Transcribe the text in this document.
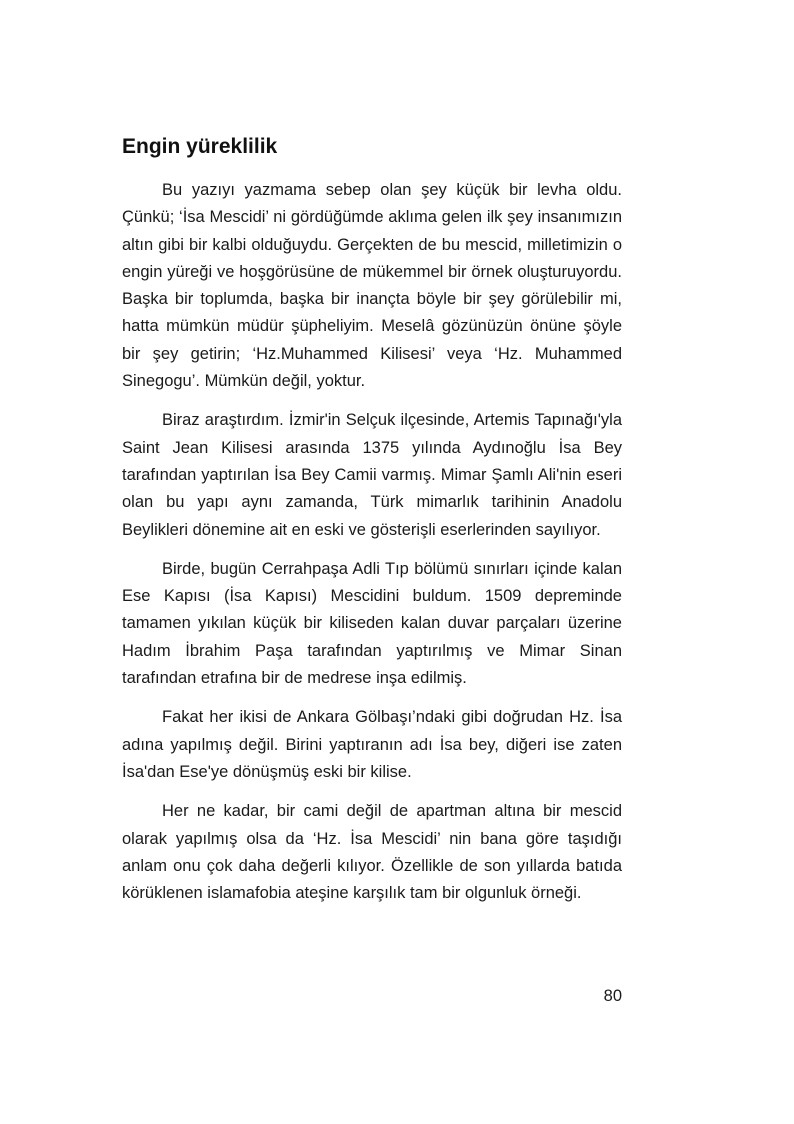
Engin yüreklilik

Bu yazıyı yazmama sebep olan şey küçük bir levha oldu. Çünkü; ‘İsa Mescidi’ ni gördüğümde aklıma gelen ilk şey insanımızın altın gibi bir kalbi olduğuydu. Gerçekten de bu mescid, milletimizin o engin yüreği ve hoşgörüsüne de mükemmel bir örnek oluşturuyordu. Başka bir toplumda, başka bir inançta böyle bir şey görülebilir mi, hatta mümkün müdür şüpheliyim. Meselâ gözünüzün önüne şöyle bir şey getirin; ‘Hz.Muhammed Kilisesi’ veya ‘Hz. Muhammed Sinegogu’. Mümkün değil, yoktur.

Biraz araştırdım. İzmir'in Selçuk ilçesinde, Artemis Tapınağı'yla Saint Jean Kilisesi arasında 1375 yılında Aydınoğlu İsa Bey tarafından yaptırılan İsa Bey Camii varmış. Mimar Şamlı Ali'nin eseri olan bu yapı aynı zamanda, Türk mimarlık tarihinin Anadolu Beylikleri dönemine ait en eski ve gösterişli eserlerinden sayılıyor.

Birde, bugün Cerrahpaşa Adli Tıp bölümü sınırları içinde kalan Ese Kapısı (İsa Kapısı) Mescidini buldum. 1509 depreminde tamamen yıkılan küçük bir kiliseden kalan duvar parçaları üzerine Hadım İbrahim Paşa tarafından yaptırılmış ve Mimar Sinan tarafından etrafına bir de medrese inşa edilmiş.

Fakat her ikisi de Ankara Gölbaşı’ndaki gibi doğrudan Hz. İsa adına yapılmış değil. Birini yaptıranın adı İsa bey, diğeri ise zaten İsa'dan Ese'ye dönüşmüş eski bir kilise.

Her ne kadar, bir cami değil de apartman altına bir mescid olarak yapılmış olsa da ‘Hz. İsa Mescidi’ nin bana göre taşıdığı anlam onu çok daha değerli kılıyor. Özellikle de son yıllarda batıda körüklenen islamafobia ateşine karşılık tam bir olgunluk örneği.

80
